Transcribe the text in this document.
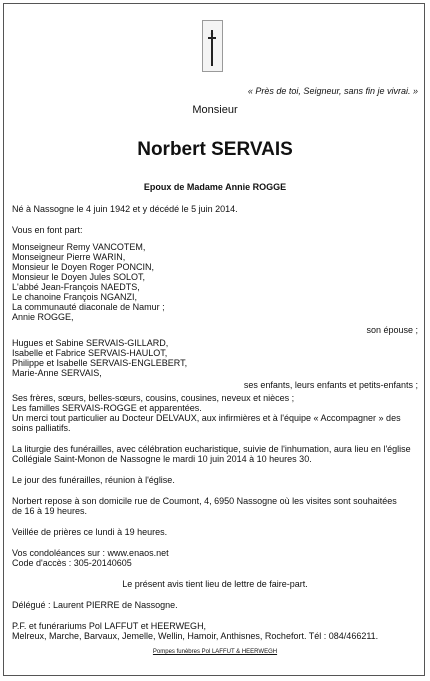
« Près de toi, Seigneur, sans fin je vivrai. »

Monsieur

Norbert SERVAIS

Epoux de Madame Annie ROGGE

Né à Nassogne le 4 juin 1942 et y décédé le 5 juin 2014.

Vous en font part:

Monseigneur Remy VANCOTEM,

Monseigneur Pierre WARIN,

Monsieur le Doyen Roger PONCIN,

Monsieur le Doyen Jules SOLOT,

L'abbé Jean-François NAEDTS,

Le chanoine François NGANZI,

La communauté diaconale de Namur ;

Annie ROGGE,

son épouse ;

Hugues et Sabine SERVAIS-GILLARD,

Isabelle et Fabrice SERVAIS-HAULOT,

Philippe et Isabelle SERVAIS-ENGLEBERT,

Marie-Anne SERVAIS,

ses enfants, leurs enfants et petits-enfants ;

Ses frères, sœurs, belles-sœurs, cousins, cousines, neveux et nièces ;

Les familles SERVAIS-ROGGE et apparentées.

Un merci tout particulier au Docteur DELVAUX, aux infirmières et à l'équipe « Accompagner » des

soins palliatifs.

La liturgie des funérailles, avec célébration eucharistique, suivie de l'inhumation, aura lieu en l'église

Collégiale Saint-Monon de Nassogne le mardi 10 juin 2014 à 10 heures 30.

Le jour des funérailles, réunion à l'église.

Norbert repose à son domicile rue de Coumont, 4, 6950 Nassogne où les visites sont souhaitées

de 16 à 19 heures.

Veillée de prières ce lundi à 19 heures.

Vos condoléances sur : www.enaos.net

Code d'accès : 305-20140605

Le présent avis tient lieu de lettre de faire-part.

Délégué : Laurent PIERRE de Nassogne.

P.F. et funérariums Pol LAFFUT et HEERWEGH,

Melreux, Marche, Barvaux, Jemelle, Wellin, Hamoir, Anthisnes, Rochefort. Tél : 084/466211.

Pompes funèbres Pol LAFFUT & HEERWEGH
